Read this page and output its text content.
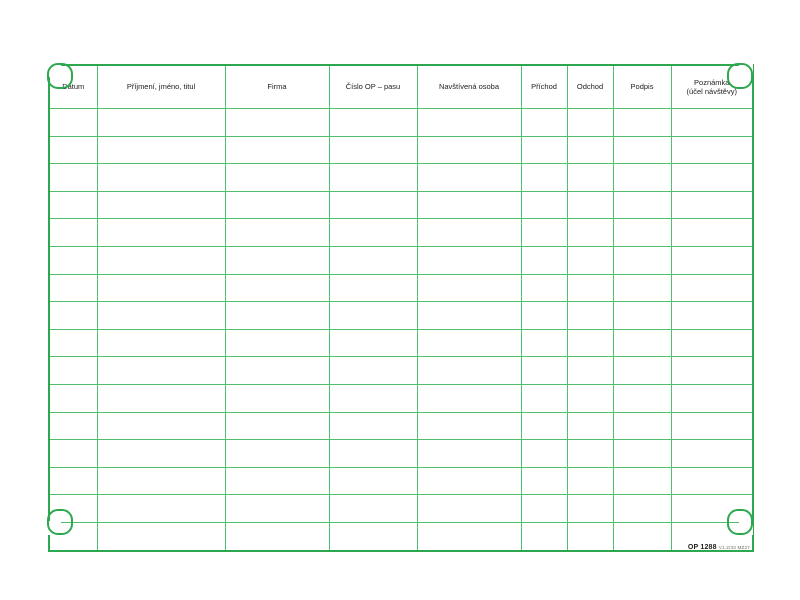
Datum	Příjmení, jméno, titul	Firma	Číslo OP – pasu	Navštívená osoba	Příchod	Odchod	Podpis	Poznámka
(účel návštěvy)

OP 1288 V1.2/33 MZ27
